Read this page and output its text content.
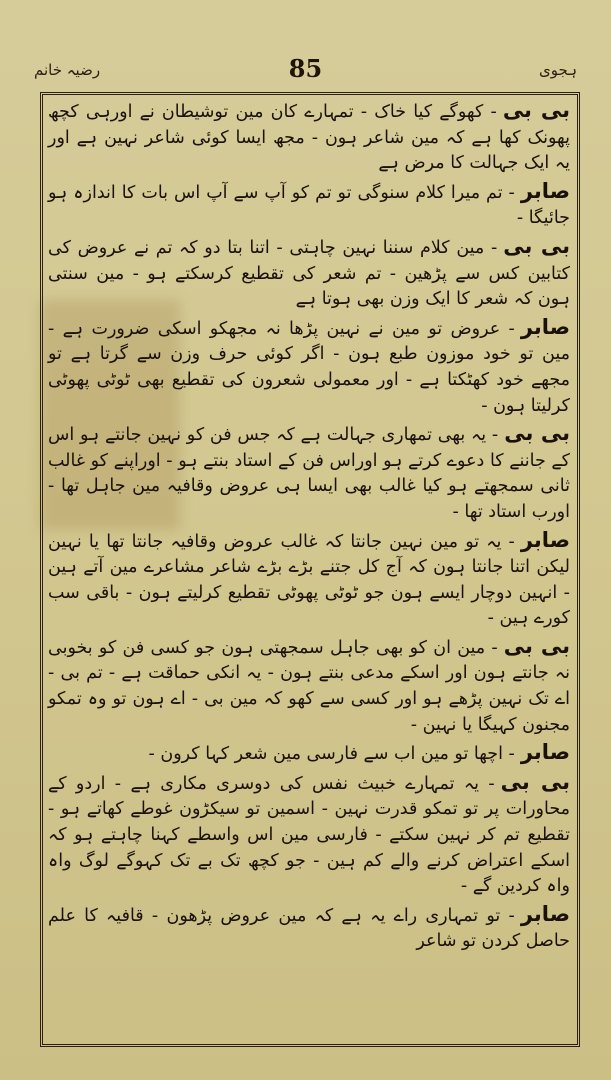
ہجوی
رضیہ خانم	85

بی بی- کھوگے کیا خاک - تمہارے کان مین توشیطان نے اورہی کچھ پھونک کھا ہے کہ مین شاعر ہون - مجھ ایسا کوئی شاعر نہین ہے اور یہ ایک جہالت کا مرض ہے

صابر- تم میرا کلام سنوگی تو تم کو آپ سے آپ اس بات کا اندازہ ہو جائیگا -

بی بی- مین کلام سننا نہین چاہتی - اتنا بتا دو کہ تم نے عروض کی کتابین کس سے پڑھین - تم شعر کی تقطیع کرسکتے ہو - مین سنتی ہون کہ شعر کا ایک وزن بھی ہوتا ہے

صابر- عروض تو مین نے نہین پڑھا نہ مجھکو اسکی ضرورت ہے - مین تو خود موزون طبع ہون - اگر کوئی حرف وزن سے گرتا ہے تو مجھے خود کھٹکتا ہے - اور معمولی شعرون کی تقطیع بھی ٹوٹی پھوٹی کرلیتا ہون -

بی بی- یہ بھی تمھاری جہالت ہے کہ جس فن کو نہین جانتے ہو اس کے جاننے کا دعوے کرتے ہو اوراس فن کے استاد بنتے ہو - اوراپنے کو غالب ثانی سمجھتے ہو کیا غالب بھی ایسا ہی عروض وقافیہ مین جاہل تھا - اورب استاد تھا -

صابر- یہ تو مین نہین جانتا کہ غالب عروض وقافیہ جانتا تھا یا نہین لیکن اتنا جانتا ہون کہ آج کل جتنے بڑے بڑے شاعر مشاعرے مین آتے ہین - انہین دوچار ایسے ہون جو ٹوٹی پھوٹی تقطیع کرلیتے ہون - باقی سب کورے ہین -

بی بی- مین ان کو بھی جاہل سمجھتی ہون جو کسی فن کو بخوبی نہ جانتے ہون اور اسکے مدعی بنتے ہون - یہ انکی حماقت ہے - تم بی - اے تک نہین پڑھے ہو اور کسی سے کھو کہ مین بی - اے ہون تو وہ تمکو مجنون کہیگا یا نہین -

صابر- اچھا تو مین اب سے فارسی مین شعر کہا کرون -

بی بی- یہ تمہارے خبیث نفس کی دوسری مکاری ہے - اردو کے محاورات پر تو تمکو قدرت نہین - اسمین تو سیکڑون غوطے کھاتے ہو - تقطیع تم کر نہین سکتے - فارسی مین اس واسطے کہنا چاہتے ہو کہ اسکے اعتراض کرنے والے کم ہین - جو کچھ تک بے تک کہوگے لوگ واہ واہ کردین گے -

صابر- تو تمہاری راے یہ ہے کہ مین عروض پڑھون - قافیہ کا علم حاصل کردن تو شاعر
